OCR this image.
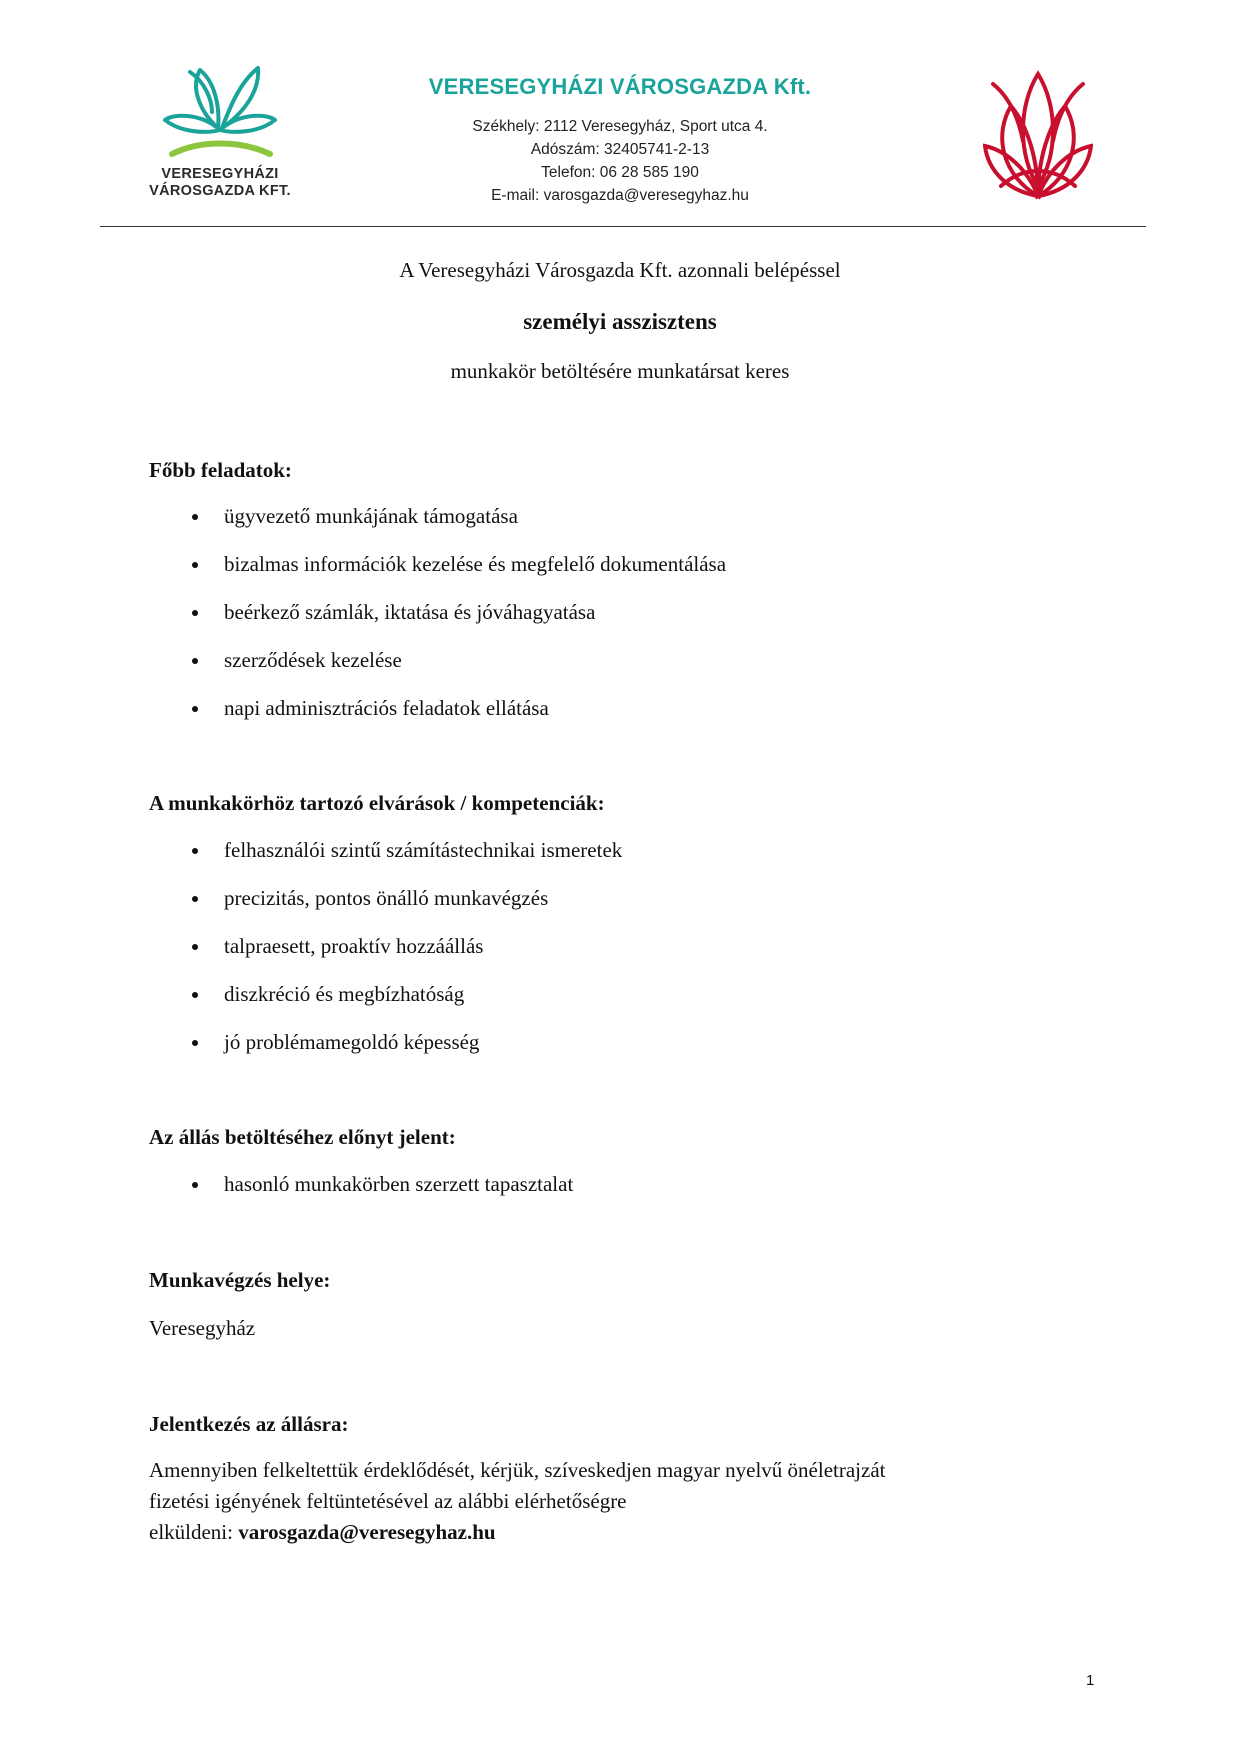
VERESEGYHÁZI
VÁROSGAZDA KFT.
VERESEGYHÁZI VÁROSGAZDA Kft.
Székhely: 2112 Veresegyház, Sport utca 4.
Adószám: 32405741-2-13
Telefon: 06 28 585 190
E-mail: varosgazda@veresegyhaz.hu
A Veresegyházi Városgazda Kft. azonnali belépéssel
személyi asszisztens
munkakör betöltésére munkatársat keres
Főbb feladatok:
ügyvezető munkájának támogatása
bizalmas információk kezelése és megfelelő dokumentálása
beérkező számlák, iktatása és jóváhagyatása
szerződések kezelése
napi adminisztrációs feladatok ellátása
A munkakörhöz tartozó elvárások / kompetenciák:
felhasználói szintű számítástechnikai ismeretek
precizitás, pontos önálló munkavégzés
talpraesett, proaktív hozzáállás
diszkréció és megbízhatóság
jó problémamegoldó képesség
Az állás betöltéséhez előnyt jelent:
hasonló munkakörben szerzett tapasztalat
Munkavégzés helye:
Veresegyház
Jelentkezés az állásra:
Amennyiben felkeltettük érdeklődését, kérjük, szíveskedjen magyar nyelvű önéletrajzát
fizetési igényének feltüntetésével az alábbi elérhetőségre
elküldeni: varosgazda@veresegyhaz.hu
1
